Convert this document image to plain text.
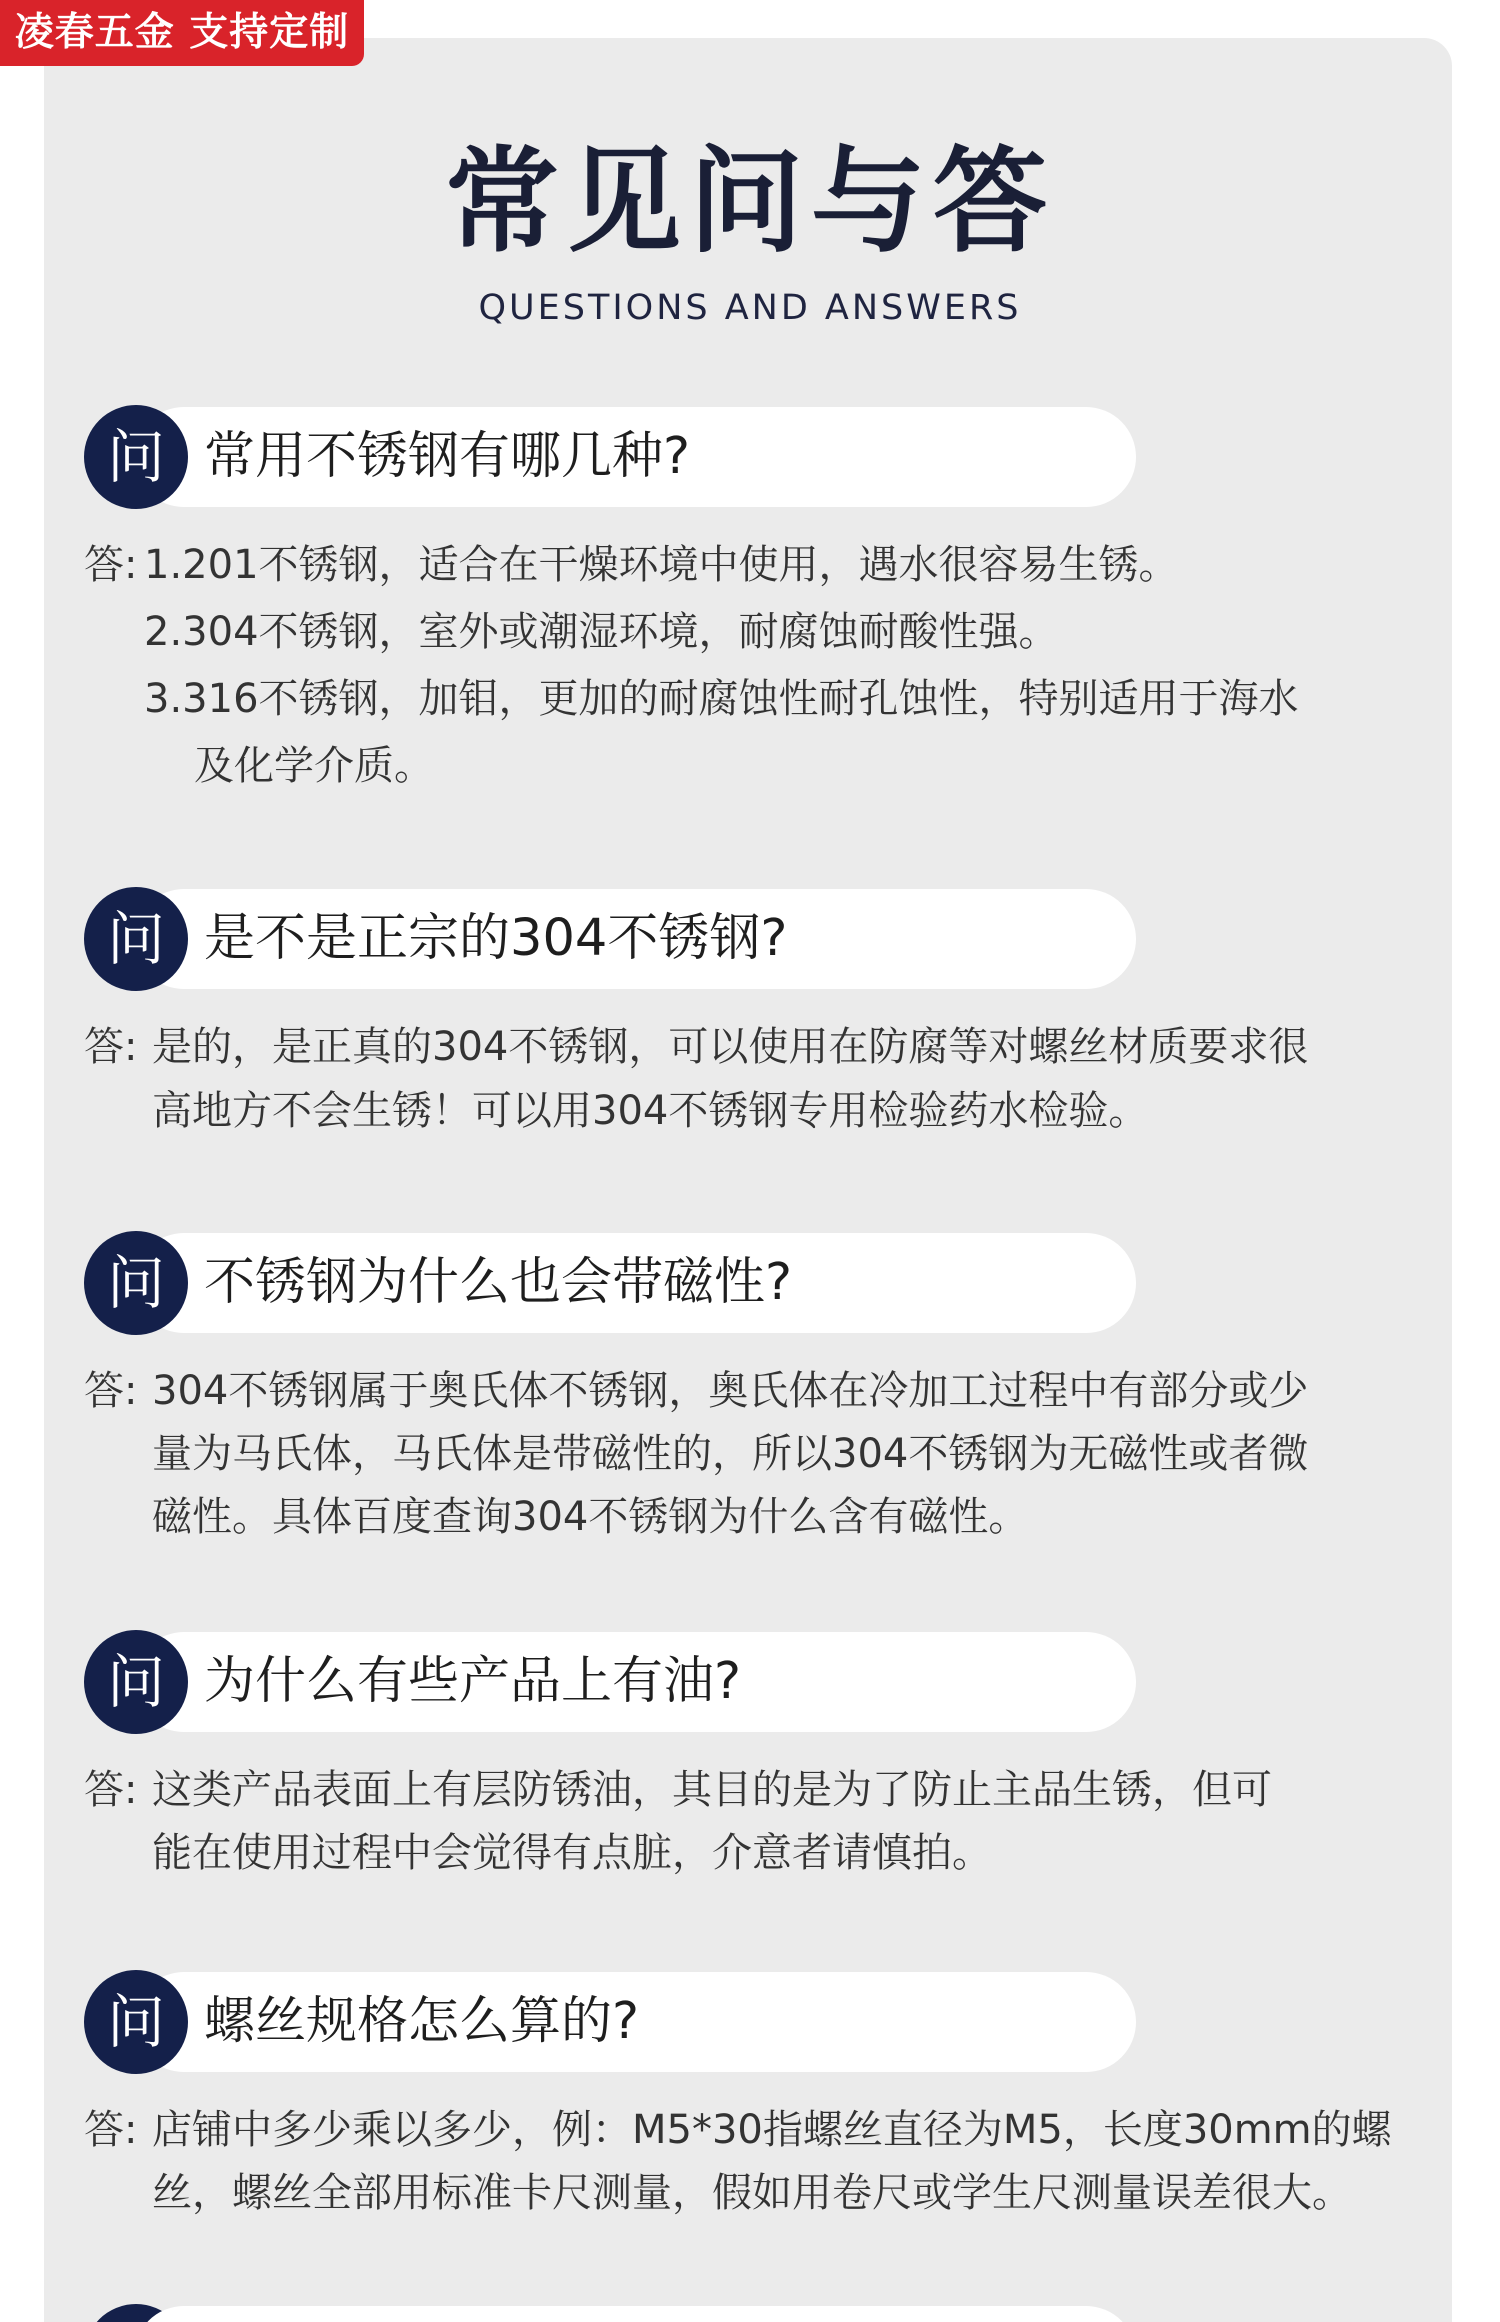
凌春五金 支持定制
常见问与答
QUESTIONS AND ANSWERS
问 常用不锈钢有哪几种?
答: 1.201不锈钢，适合在干燥环境中使用，遇水很容易生锈。
2.304不锈钢，室外或潮湿环境，耐腐蚀耐酸性强。
3.316不锈钢，加钼，更加的耐腐蚀性耐孔蚀性，特别适用于海水
及化学介质。
问 是不是正宗的304不锈钢?
答: 是的，是正真的304不锈钢，可以使用在防腐等对螺丝材质要求很
高地方不会生锈！可以用304不锈钢专用检验药水检验。
问 不锈钢为什么也会带磁性?
答: 304不锈钢属于奥氏体不锈钢，奥氏体在冷加工过程中有部分或少
量为马氏体，马氏体是带磁性的，所以304不锈钢为无磁性或者微
磁性。具体百度查询304不锈钢为什么含有磁性。
问 为什么有些产品上有油?
答: 这类产品表面上有层防锈油，其目的是为了防止主品生锈，但可
能在使用过程中会觉得有点脏，介意者请慎拍。
问 螺丝规格怎么算的?
答: 店铺中多少乘以多少，例：M5*30指螺丝直径为M5，长度30mm的螺
丝，螺丝全部用标准卡尺测量，假如用卷尺或学生尺测量误差很大。
